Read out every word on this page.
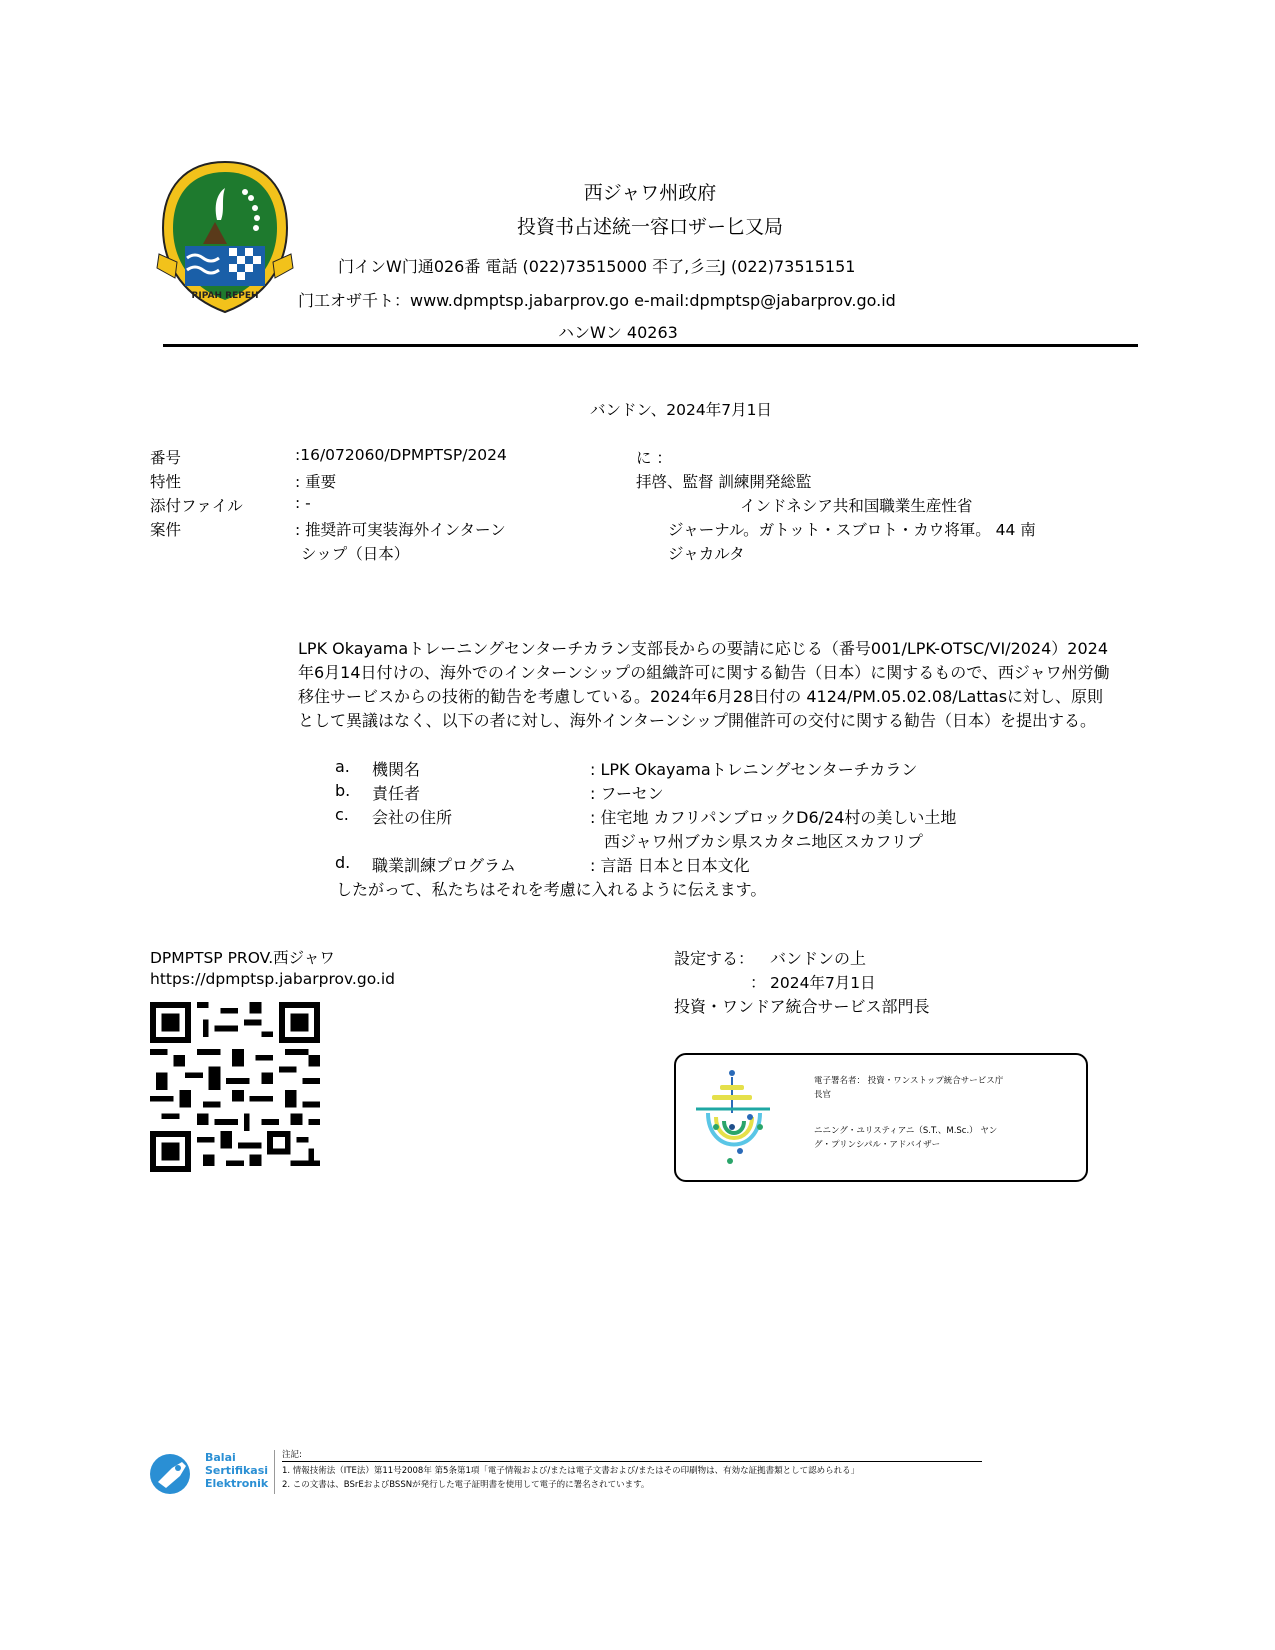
RIPAH REPEH
西ジャワ州政府
投資书占述統一容口ザー匕又局
门インW门通026番 電話 (022)73515000 㔻了,彡三J (022)73515151
门工オザ千ト：www.dpmptsp.jabarprov.go e-mail:dpmptsp@jabarprov.go.id
ハンWン 40263
バンドン、2024年7月1日
番号	:16/072060/DPMPTSP/2024
特性	: 重要
添付ファイル	: -
案件	: 推奨許可実装海外インターン
シップ（日本）
に ：
拝啓、監督 訓練開発総監
インドネシア共和国職業生産性省
ジャーナル。ガトット・スブロト・カウ将軍。 44 南
ジャカルタ
LPK Okayamaトレーニングセンターチカラン支部長からの要請に応じる（番号001/LPK-OTSC/VI/2024）2024年6月14日付けの、海外でのインターンシップの組織許可に関する勧告（日本）に関するもので、西ジャワ州労働移住サービスからの技術的勧告を考慮している。2024年6月28日付の 4124/PM.05.02.08/Lattasに対し、原則として異議はなく、以下の者に対し、海外インターンシップ開催許可の交付に関する勧告（日本）を提出する。
a. 機関名	: LPK Okayamaトレニングセンターチカラン
b. 責任者	: フーセン
c. 会社の住所	: 住宅地 カフリパンブロックD6/24村の美しい土地
西ジャワ州ブカシ県スカタニ地区スカフリプ
d. 職業訓練プログラム	: 言語 日本と日本文化
したがって、私たちはそれを考慮に入れるように伝えます。
DPMPTSP PROV.西ジャワ
https://dpmptsp.jabarprov.go.id
設定する： バンドンの上
： 2024年7月1日
投資・ワンドア統合サービス部門長
電子署名者： 投資・ワンストップ統合サービス庁
長官
ニニング・ユリスティアニ（S.T.、M.Sc.） ヤン
グ・プリンシパル・アドバイザー
Balai
Sertifikasi
Elektronik
注記:
1. 情報技術法（ITE法）第11号2008年 第5条第1項「電子情報および/または電子文書および/またはその印刷物は、有効な証拠書類として認められる」
2. この文書は、BSrEおよびBSSNが発行した電子証明書を使用して電子的に署名されています。
